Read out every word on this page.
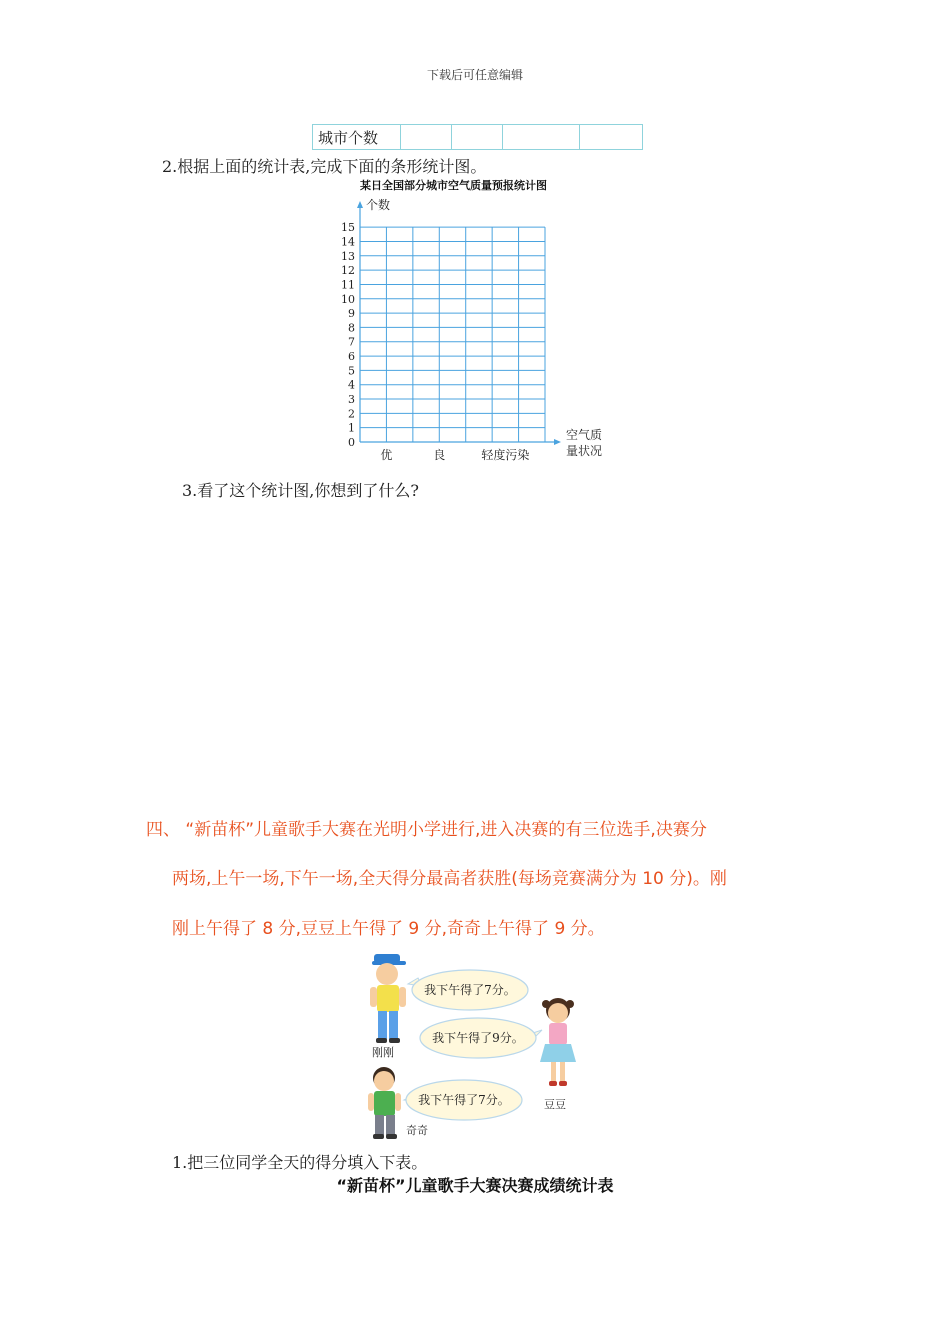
下载后可任意编辑
城市个数				
2.根据上面的统计表,完成下面的条形统计图。
某日全国部分城市空气质量预报统计图
0
1
2
3
4
5
6
7
8
9
10
11
12
13
14
15
个数
空气质
量状况
优	良	轻度污染
3.看了这个统计图,你想到了什么?
四、 “新苗杯”儿童歌手大赛在光明小学进行,进入决赛的有三位选手,决赛分
两场,上午一场,下午一场,全天得分最高者获胜(每场竞赛满分为 10 分)。刚
刚上午得了 8 分,豆豆上午得了 9 分,奇奇上午得了 9 分。
我下午得了7分。
我下午得了9分。
我下午得了7分。
刚刚
豆豆
奇奇
1.把三位同学全天的得分填入下表。
“新苗杯”儿童歌手大赛决赛成绩统计表
